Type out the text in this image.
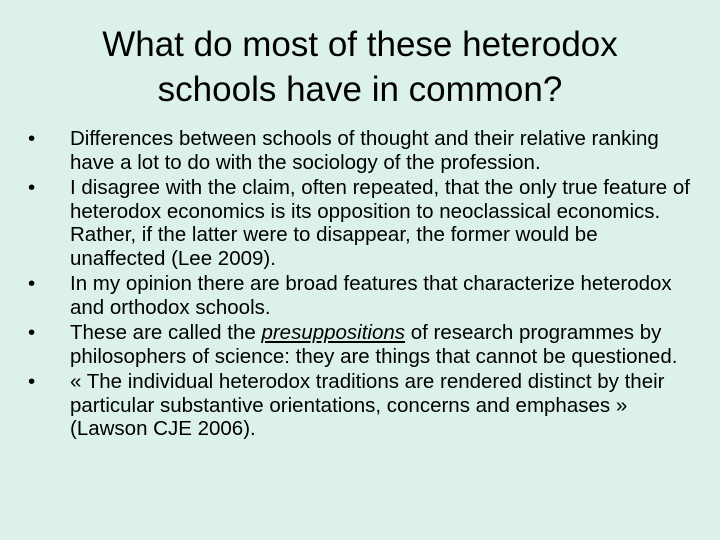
What do most of these heterodox
schools have in common?
• Differences between schools of thought and their relative ranking have a lot to do with the sociology of the profession.
• I disagree with the claim, often repeated, that the only true feature of heterodox economics is its opposition to neoclassical economics. Rather, if the latter were to disappear, the former would be unaffected (Lee 2009).
• In my opinion there are broad features that characterize heterodox and orthodox schools.
• These are called the presuppositions of research programmes by philosophers of science: they are things that cannot be questioned.
• « The individual heterodox traditions are rendered distinct by their particular substantive orientations, concerns and emphases » (Lawson CJE 2006).
